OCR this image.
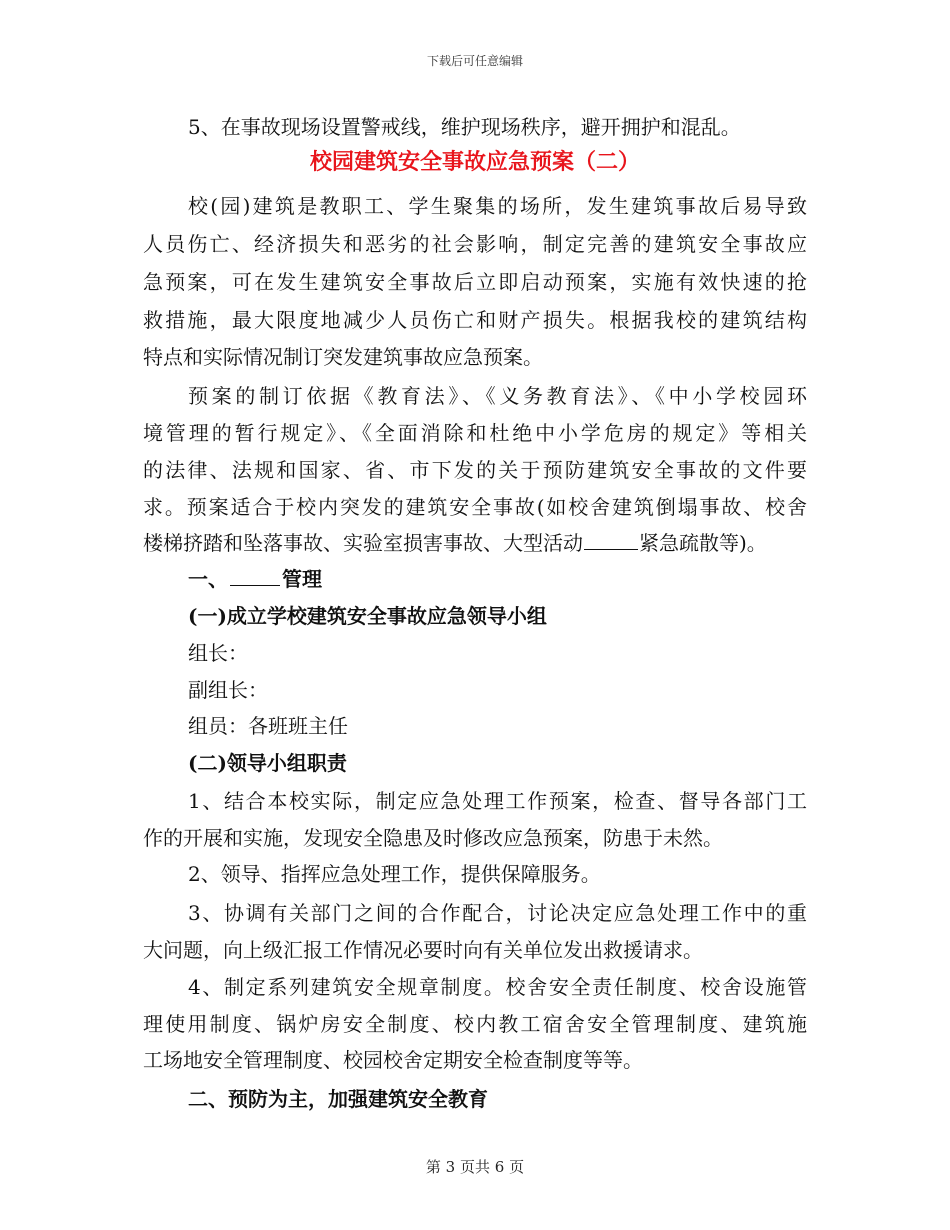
下载后可任意编辑
5、在事故现场设置警戒线，维护现场秩序，避开拥护和混乱。
校园建筑安全事故应急预案（二）
校(园)建筑是教职工、学生聚集的场所，发生建筑事故后易导致
人员伤亡、经济损失和恶劣的社会影响，制定完善的建筑安全事故应
急预案，可在发生建筑安全事故后立即启动预案，实施有效快速的抢
救措施，最大限度地减少人员伤亡和财产损失。根据我校的建筑结构
特点和实际情况制订突发建筑事故应急预案。
预案的制订依据《教育法》、《义务教育法》、《中小学校园环
境管理的暂行规定》、《全面消除和杜绝中小学危房的规定》等相关
的法律、法规和国家、省、市下发的关于预防建筑安全事故的文件要
求。预案适合于校内突发的建筑安全事故(如校舍建筑倒塌事故、校舍
楼梯挤踏和坠落事故、实验室损害事故、大型活动	紧急疏散等)。
一、	管理
(一)成立学校建筑安全事故应急领导小组
组长：
副组长：
组员：各班班主任
(二)领导小组职责
1、结合本校实际，制定应急处理工作预案，检查、督导各部门工
作的开展和实施，发现安全隐患及时修改应急预案，防患于未然。
2、领导、指挥应急处理工作，提供保障服务。
3、协调有关部门之间的合作配合，讨论决定应急处理工作中的重
大问题，向上级汇报工作情况必要时向有关单位发出救援请求。
4、制定系列建筑安全规章制度。校舍安全责任制度、校舍设施管
理使用制度、锅炉房安全制度、校内教工宿舍安全管理制度、建筑施
工场地安全管理制度、校园校舍定期安全检查制度等等。
二、预防为主，加强建筑安全教育
第 3 页共 6 页
